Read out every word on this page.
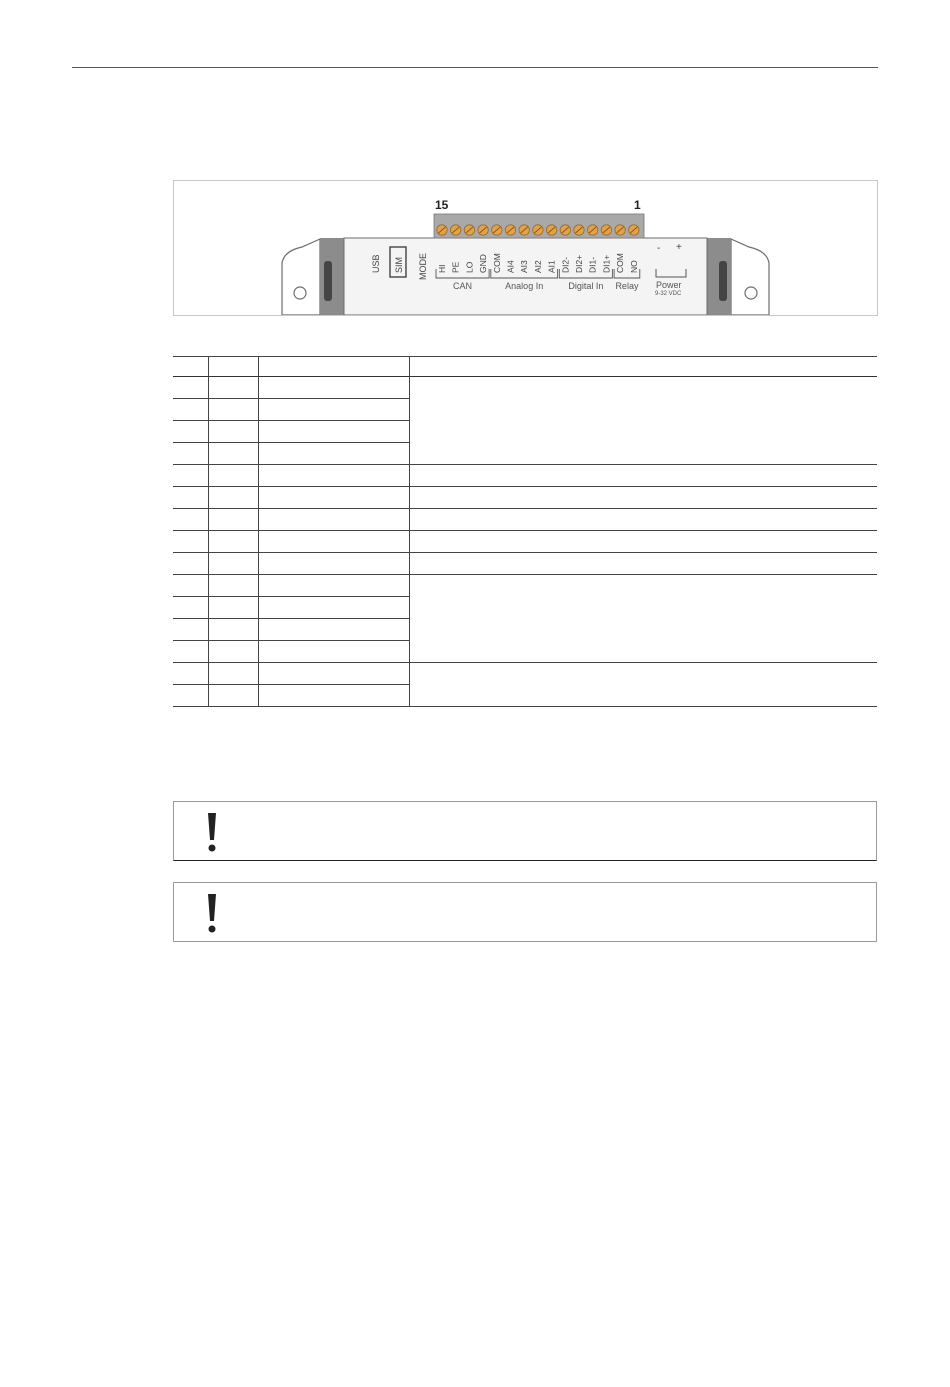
HI PE LO GND COM AI4 AI3 AI2 AI1 DI2- DI2+ DI1- DI1+ COM NO
USB SIM MODE
CAN	Analog In	Digital In Relay
15	1
- +
Power
9-32 VDC
